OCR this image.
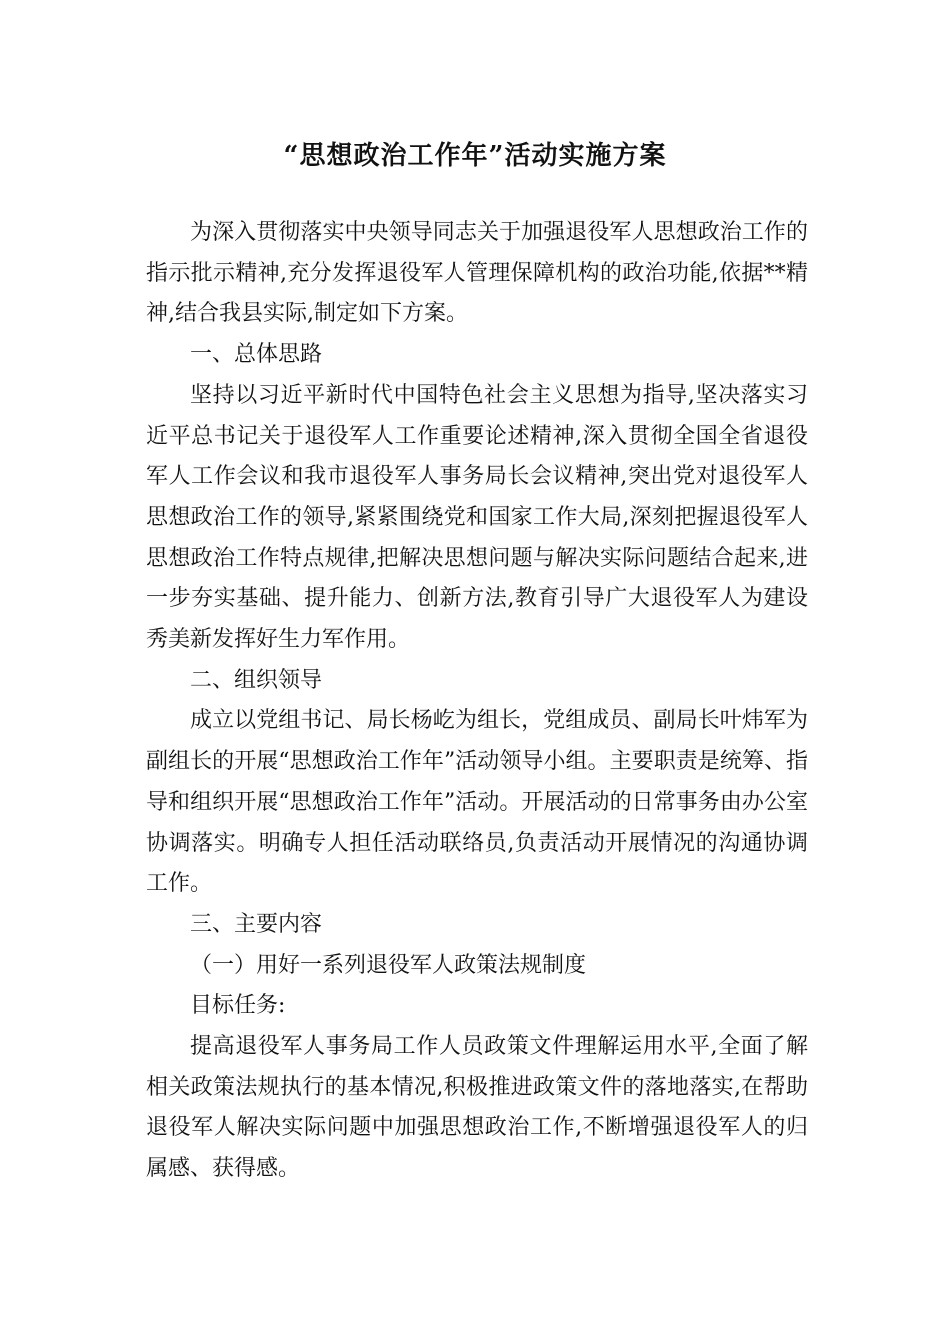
“思想政治工作年”活动实施方案

为深入贯彻落实中央领导同志关于加强退役军人思想政治工作的指示批示精神,充分发挥退役军人管理保障机构的政治功能,依据**精神,结合我县实际,制定如下方案。

一、总体思路

坚持以习近平新时代中国特色社会主义思想为指导,坚决落实习近平总书记关于退役军人工作重要论述精神,深入贯彻全国全省退役军人工作会议和我市退役军人事务局长会议精神,突出党对退役军人思想政治工作的领导,紧紧围绕党和国家工作大局,深刻把握退役军人思想政治工作特点规律,把解决思想问题与解决实际问题结合起来,进一步夯实基础、提升能力、创新方法,教育引导广大退役军人为建设秀美新发挥好生力军作用。

二、组织领导

成立以党组书记、局长杨屹为组长，党组成员、副局长叶炜军为副组长的开展“思想政治工作年”活动领导小组。主要职责是统筹、指导和组织开展“思想政治工作年”活动。开展活动的日常事务由办公室协调落实。明确专人担任活动联络员,负责活动开展情况的沟通协调工作。

三、主要内容

（一）用好一系列退役军人政策法规制度

目标任务:

提高退役军人事务局工作人员政策文件理解运用水平,全面了解相关政策法规执行的基本情况,积极推进政策文件的落地落实,在帮助退役军人解决实际问题中加强思想政治工作,不断增强退役军人的归属感、获得感。
